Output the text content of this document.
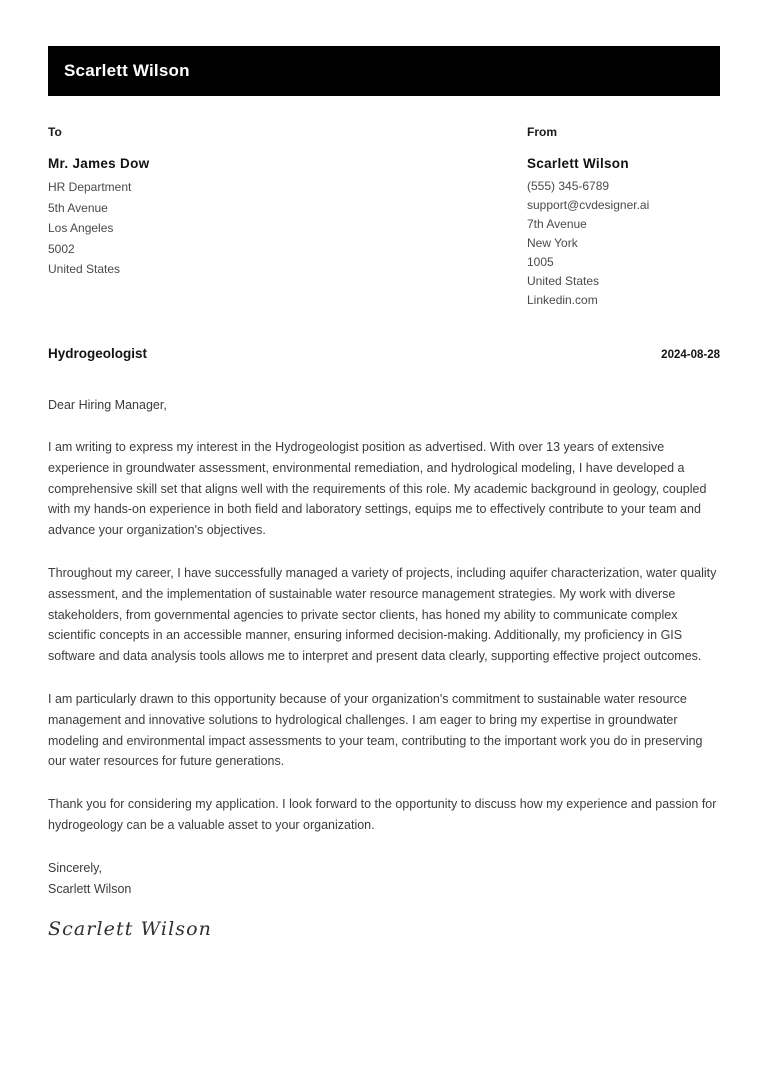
Scarlett Wilson
To
Mr. James Dow
HR Department
5th Avenue
Los Angeles
5002
United States
From
Scarlett Wilson
(555) 345-6789
support@cvdesigner.ai
7th Avenue
New York
1005
United States
Linkedin.com
Hydrogeologist	2024-08-28
Dear Hiring Manager,

I am writing to express my interest in the Hydrogeologist position as advertised. With over 13 years of extensive experience in groundwater assessment, environmental remediation, and hydrological modeling, I have developed a comprehensive skill set that aligns well with the requirements of this role. My academic background in geology, coupled with my hands-on experience in both field and laboratory settings, equips me to effectively contribute to your team and advance your organization's objectives.

Throughout my career, I have successfully managed a variety of projects, including aquifer characterization, water quality assessment, and the implementation of sustainable water resource management strategies. My work with diverse stakeholders, from governmental agencies to private sector clients, has honed my ability to communicate complex scientific concepts in an accessible manner, ensuring informed decision-making. Additionally, my proficiency in GIS software and data analysis tools allows me to interpret and present data clearly, supporting effective project outcomes.

I am particularly drawn to this opportunity because of your organization's commitment to sustainable water resource management and innovative solutions to hydrological challenges. I am eager to bring my expertise in groundwater modeling and environmental impact assessments to your team, contributing to the important work you do in preserving our water resources for future generations.

Thank you for considering my application. I look forward to the opportunity to discuss how my experience and passion for hydrogeology can be a valuable asset to your organization.

Sincerely,
Scarlett Wilson
Scarlett Wilson
